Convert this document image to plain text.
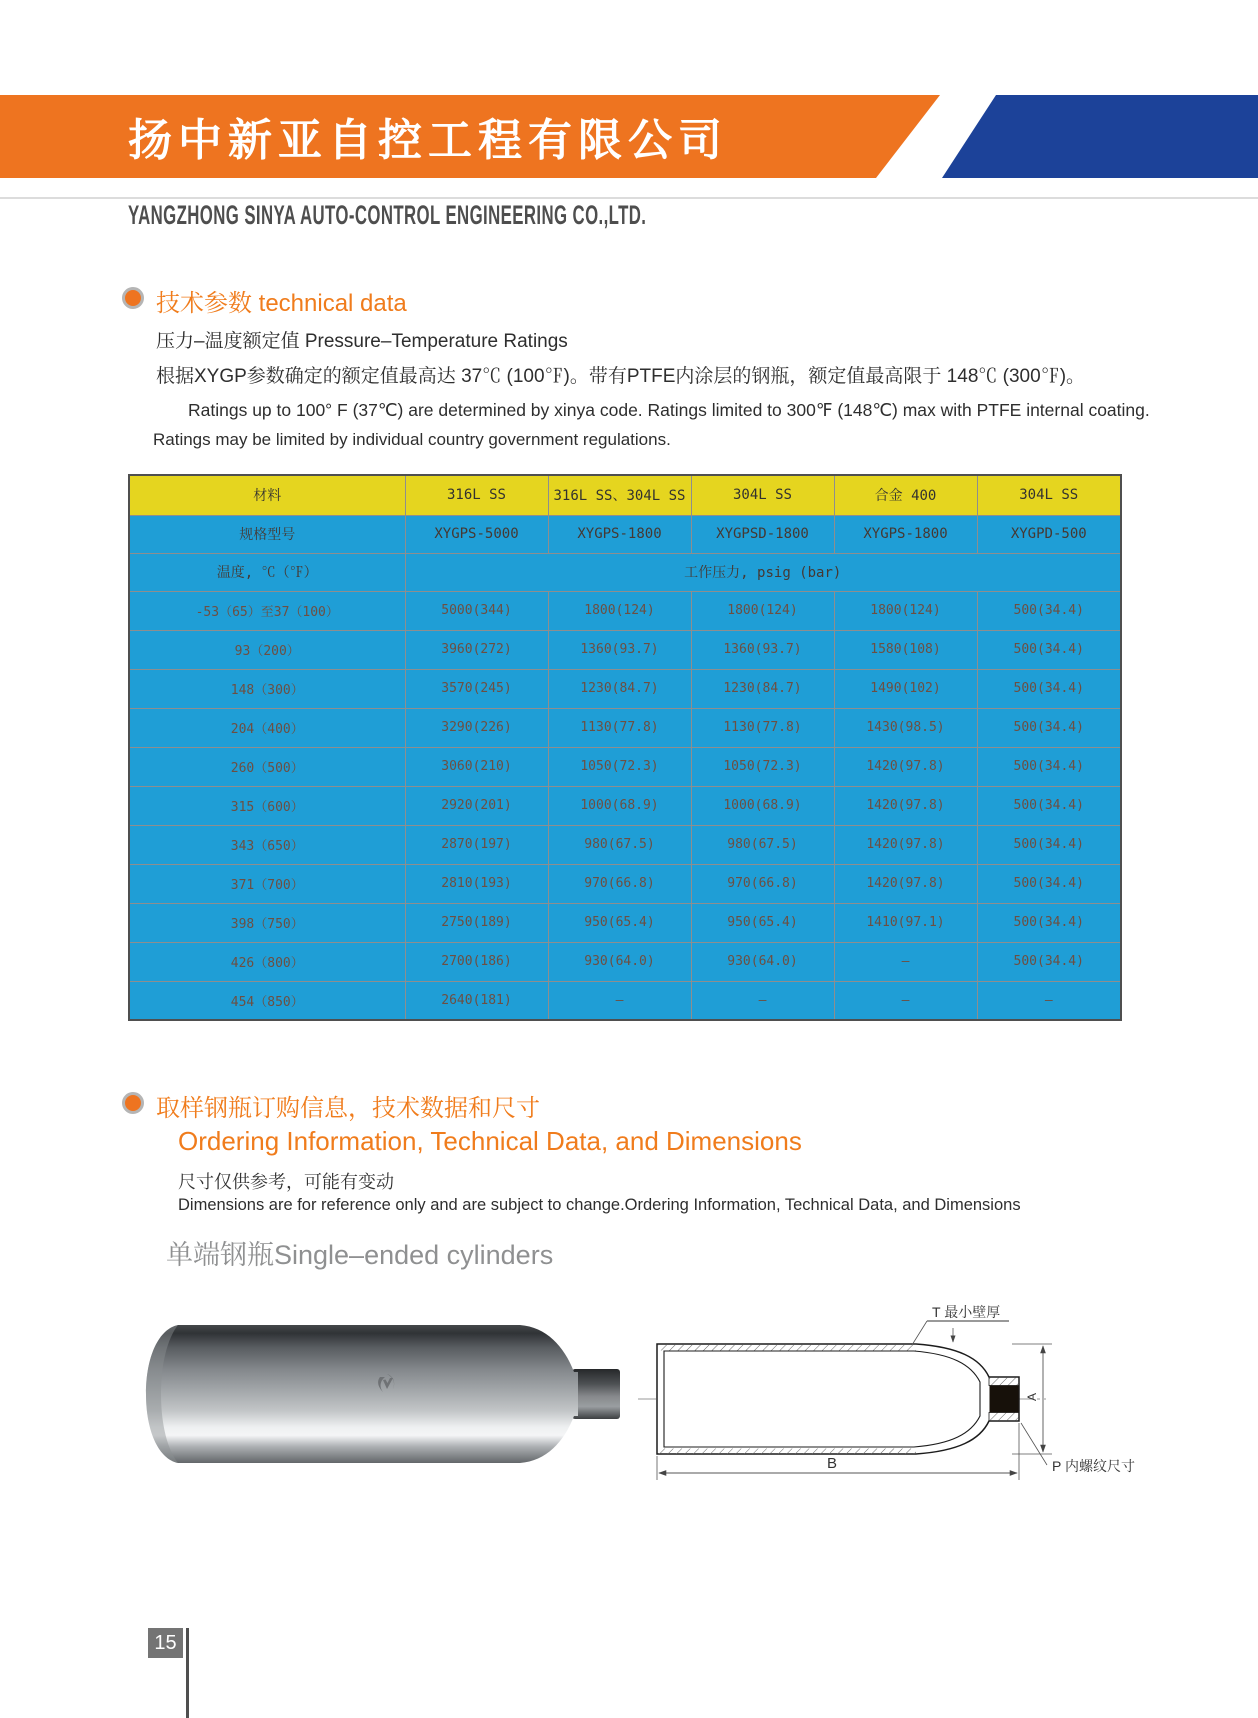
扬中新亚自控工程有限公司
YANGZHONG SINYA AUTO-CONTROL ENGINEERING CO.,LTD.
技术参数 technical data
压力–温度额定值 Pressure–Temperature Ratings
根据XYGP参数确定的额定值最高达 37℃ (100℉)。带有PTFE内涂层的钢瓶，额定值最高限于 148℃ (300℉)。
Ratings up to 100° F (37℃) are determined by xinya code. Ratings limited to 300℉ (148℃) max with PTFE internal coating.
Ratings may be limited by individual country government regulations.
材料	316L SS	316L SS、304L SS	304L SS	合金 400	304L SS
规格型号	XYGPS-5000	XYGPS-1800	XYGPSD-1800	XYGPS-1800	XYGPD-500
温度, ℃（℉）	工作压力, psig (bar)				
-53（65）至37（100）	5000(344)	1800(124)	1800(124)	1800(124)	500(34.4)
93（200）	3960(272)	1360(93.7)	1360(93.7)	1580(108)	500(34.4)
148（300）	3570(245)	1230(84.7)	1230(84.7)	1490(102)	500(34.4)
204（400）	3290(226)	1130(77.8)	1130(77.8)	1430(98.5)	500(34.4)
260（500）	3060(210)	1050(72.3)	1050(72.3)	1420(97.8)	500(34.4)
315（600）	2920(201)	1000(68.9)	1000(68.9)	1420(97.8)	500(34.4)
343（650）	2870(197)	980(67.5)	980(67.5)	1420(97.8)	500(34.4)
371（700）	2810(193)	970(66.8)	970(66.8)	1420(97.8)	500(34.4)
398（750）	2750(189)	950(65.4)	950(65.4)	1410(97.1)	500(34.4)
426（800）	2700(186)	930(64.0)	930(64.0)	–	500(34.4)
454（850）	2640(181)	–	–	–	–
取样钢瓶订购信息，技术数据和尺寸
Ordering Information, Technical Data, and Dimensions
尺寸仅供参考，可能有变动
Dimensions are for reference only and are subject to change.Ordering Information, Technical Data, and Dimensions
单端钢瓶Single–ended cylinders
T 最小壁厚
A
B	P 内螺纹尺寸
15
